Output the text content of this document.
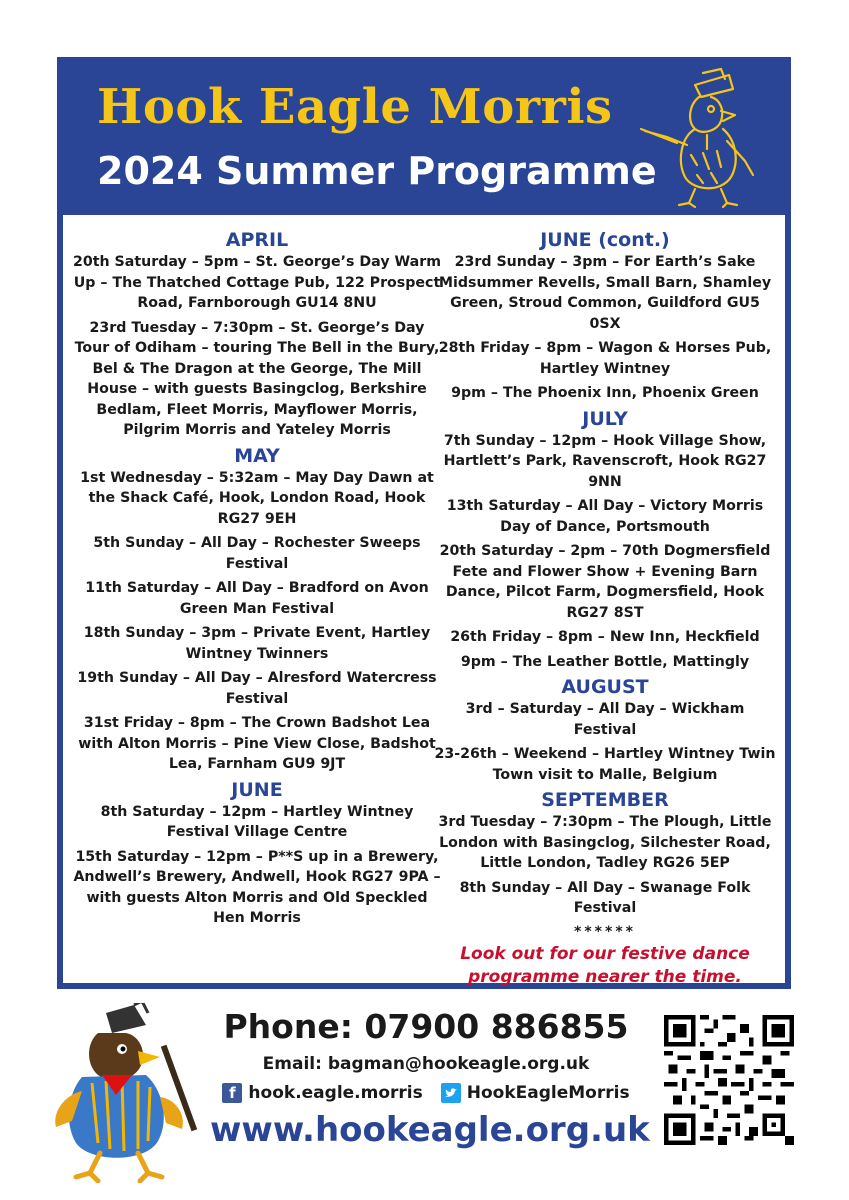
Hook Eagle Morris
2024 Summer Programme
APRIL
20th Saturday – 5pm – St. George’s Day Warm Up – The Thatched Cottage Pub, 122 Prospect Road, Farnborough GU14 8NU
23rd Tuesday – 7:30pm – St. George’s Day Tour of Odiham – touring The Bell in the Bury, Bel & The Dragon at the George, The Mill House – with guests Basingclog, Berkshire Bedlam, Fleet Morris, Mayflower Morris, Pilgrim Morris and Yateley Morris
MAY
1st Wednesday – 5:32am – May Day Dawn at the Shack Café, Hook, London Road, Hook RG27 9EH
5th Sunday – All Day – Rochester Sweeps Festival
11th Saturday – All Day – Bradford on Avon Green Man Festival
18th Sunday – 3pm – Private Event, Hartley Wintney Twinners
19th Sunday – All Day – Alresford Watercress Festival
31st Friday – 8pm – The Crown Badshot Lea with Alton Morris – Pine View Close, Badshot Lea, Farnham GU9 9JT
JUNE
8th Saturday – 12pm – Hartley Wintney Festival Village Centre
15th Saturday – 12pm – P**S up in a Brewery, Andwell’s Brewery, Andwell, Hook RG27 9PA – with guests Alton Morris and Old Speckled Hen Morris
JUNE (cont.)
23rd Sunday – 3pm – For Earth’s Sake Midsummer Revells, Small Barn, Shamley Green, Stroud Common, Guildford GU5 0SX
28th Friday – 8pm – Wagon & Horses Pub, Hartley Wintney
9pm – The Phoenix Inn, Phoenix Green
JULY
7th Sunday – 12pm – Hook Village Show, Hartlett’s Park, Ravenscroft, Hook RG27 9NN
13th Saturday – All Day – Victory Morris Day of Dance, Portsmouth
20th Saturday – 2pm – 70th Dogmersfield Fete and Flower Show + Evening Barn Dance, Pilcot Farm, Dogmersfield, Hook RG27 8ST
26th Friday – 8pm – New Inn, Heckfield
9pm – The Leather Bottle, Mattingly
AUGUST
3rd – Saturday – All Day – Wickham Festival
23-26th – Weekend – Hartley Wintney Twin Town visit to Malle, Belgium
SEPTEMBER
3rd Tuesday – 7:30pm – The Plough, Little London with Basingclog, Silchester Road, Little London, Tadley RG26 5EP
8th Sunday – All Day – Swanage Folk Festival
******
Look out for our festive dance programme nearer the time.
Phone: 07900 886855
Email: bagman@hookeagle.org.uk
f hook.eagle.morris	HookEagleMorris
www.hookeagle.org.uk
